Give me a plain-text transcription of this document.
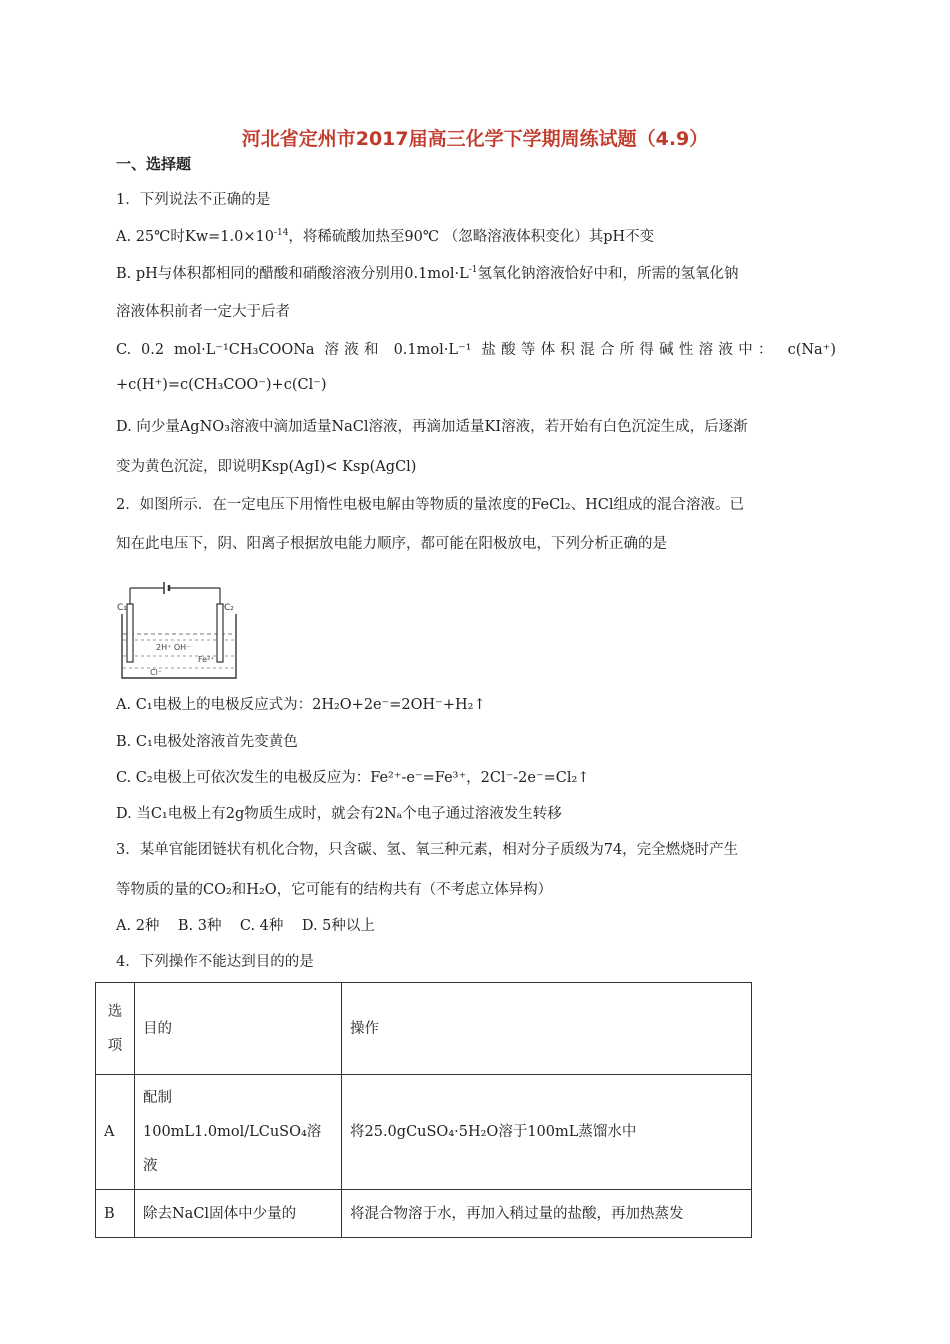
河北省定州市2017届高三化学下学期周练试题（4.9）
一、选择题
1．下列说法不正确的是
A. 25℃时$Kw=1.0\times 10^{-14}$，将稀硫酸加热至90℃ （忽略溶液体积变化）其pH不变
B. pH与体积都相同的醋酸和硝酸溶液分别用$0.1mol\cdot L^{-1}$氢氧化钠溶液恰好中和，所需的氢氧化钠
溶液体积前者一定大于后者
C. 0.2 mol·L⁻¹CH₃COONa 溶液和 0.1mol·L⁻¹ 盐酸等体积混合所得碱性溶液中： c(Na⁺)
+c(H⁺)=c(CH₃COO⁻)+c(Cl⁻)
D. 向少量AgNO₃溶液中滴加适量NaCl溶液，再滴加适量KI溶液，若开始有白色沉淀生成，后逐渐
变为黄色沉淀，即说明Ksp(AgI)< Ksp(AgCl)
2．如图所示．在一定电压下用惰性电极电解由等物质的量浓度的FeCl₂、HCl组成的混合溶液。已
知在此电压下，阴、阳离子根据放电能力顺序，都可能在阳极放电，下列分析正确的是
C₁	C₂
2H⁺ OH⁻
Fe²⁺
Cl⁻
A. C₁电极上的电极反应式为：2H₂O+2e⁻=2OH⁻+H₂↑
B. C₁电极处溶液首先变黄色
C. C₂电极上可依次发生的电极反应为：Fe²⁺-e⁻=Fe³⁺，2Cl⁻-2e⁻=Cl₂↑
D. 当C₁电极上有2g物质生成时，就会有2Nₐ个电子通过溶液发生转移
3．某单官能团链状有机化合物，只含碳、氢、氧三种元素，相对分子质级为74，完全燃烧时产生
等物质的量的CO₂和H₂O，它可能有的结构共有（不考虑立体异构）
A. 2种    B. 3种    C. 4种    D. 5种以上
4．下列操作不能达到目的的是
选项	目的	操作
A	配制100mL1.0mol/LCuSO₄溶液	将25.0gCuSO₄·5H₂O溶于100mL蒸馏水中
B	除去NaCl固体中少量的	将混合物溶于水，再加入稍过量的盐酸，再加热蒸发
